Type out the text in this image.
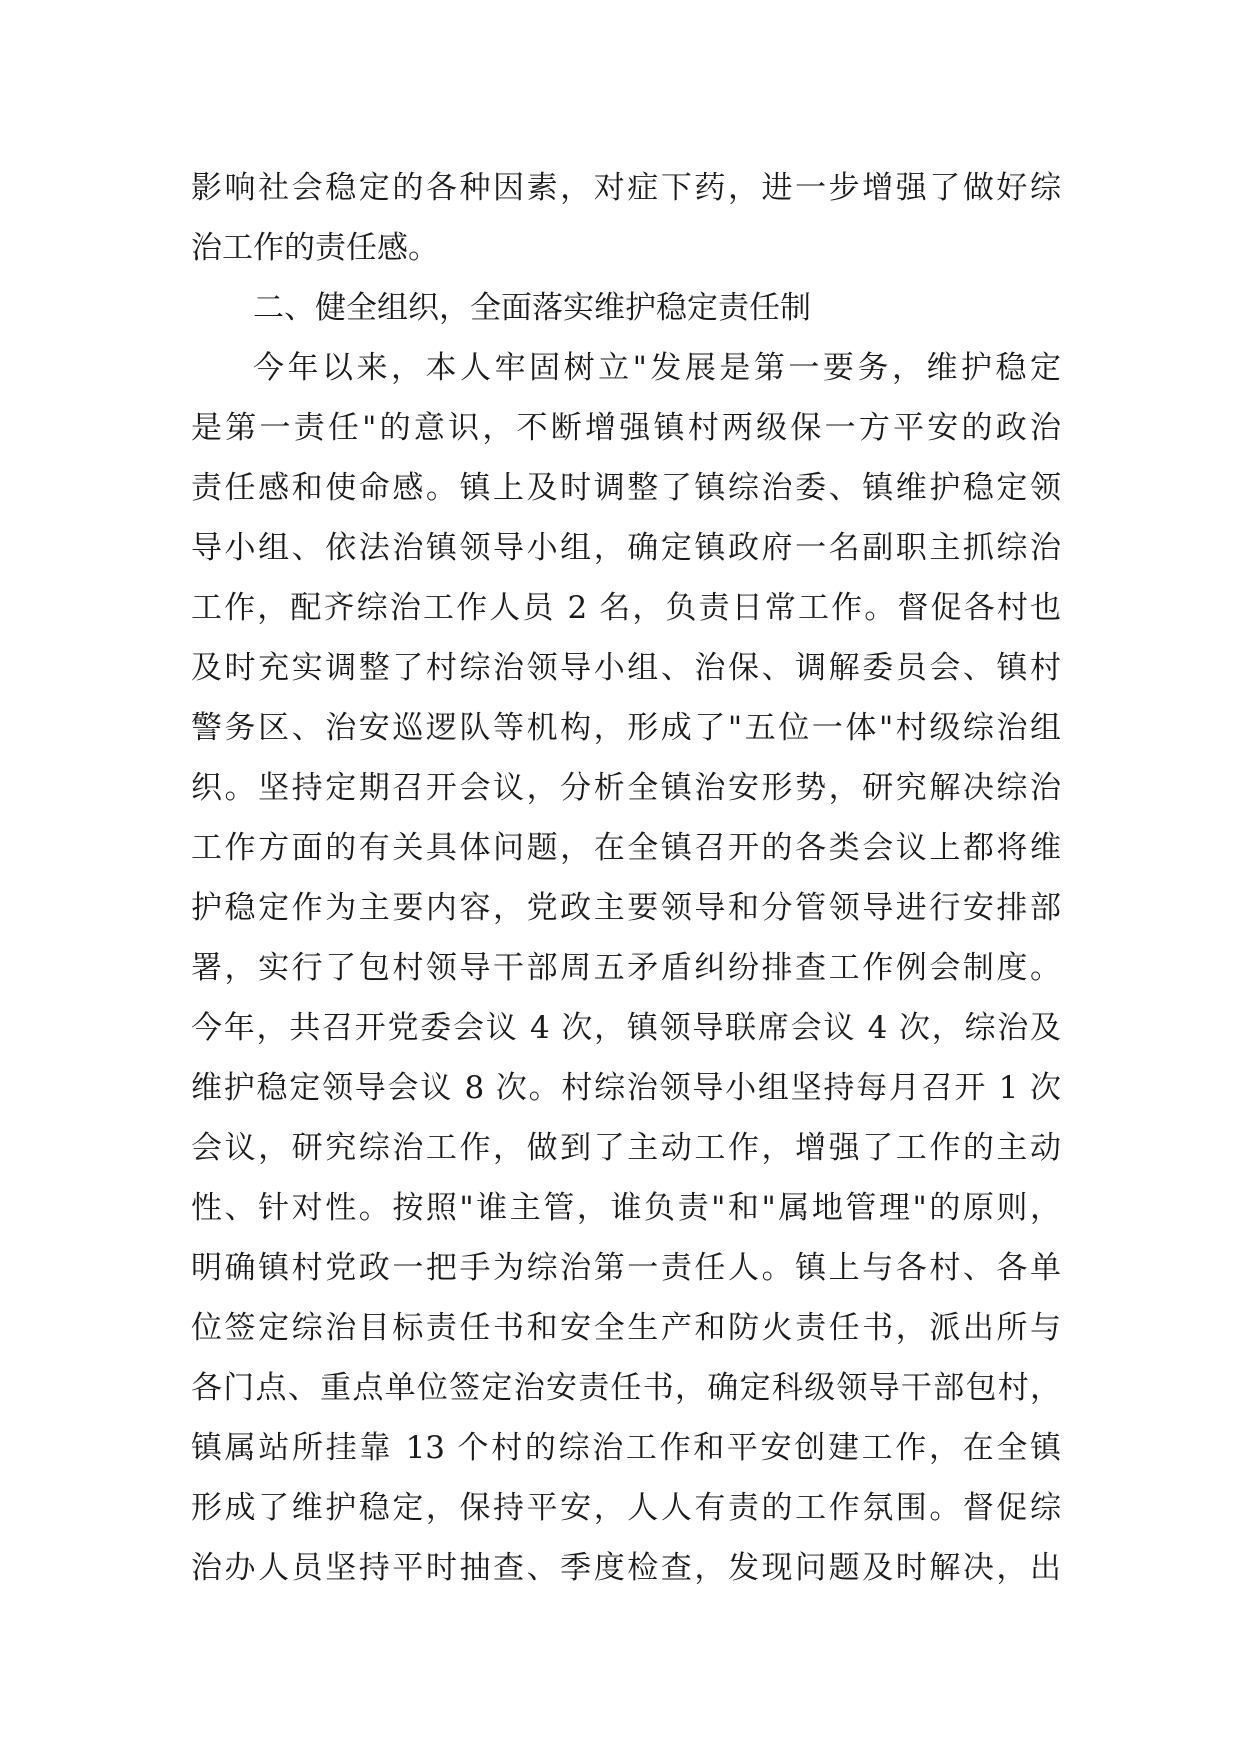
影响社会稳定的各种因素，对症下药，进一步增强了做好综
治工作的责任感。

二、健全组织，全面落实维护稳定责任制

今年以来，本人牢固树立"发展是第一要务，维护稳定
是第一责任"的意识，不断增强镇村两级保一方平安的政治
责任感和使命感。镇上及时调整了镇综治委、镇维护稳定领
导小组、依法治镇领导小组，确定镇政府一名副职主抓综治
工作，配齐综治工作人员 2 名，负责日常工作。督促各村也
及时充实调整了村综治领导小组、治保、调解委员会、镇村
警务区、治安巡逻队等机构，形成了"五位一体"村级综治组
织。坚持定期召开会议，分析全镇治安形势，研究解决综治
工作方面的有关具体问题，在全镇召开的各类会议上都将维
护稳定作为主要内容，党政主要领导和分管领导进行安排部
署，实行了包村领导干部周五矛盾纠纷排查工作例会制度。
今年，共召开党委会议 4 次，镇领导联席会议 4 次，综治及
维护稳定领导会议 8 次。村综治领导小组坚持每月召开 1 次
会议，研究综治工作，做到了主动工作，增强了工作的主动
性、针对性。按照"谁主管，谁负责"和"属地管理"的原则，
明确镇村党政一把手为综治第一责任人。镇上与各村、各单
位签定综治目标责任书和安全生产和防火责任书，派出所与
各门点、重点单位签定治安责任书，确定科级领导干部包村，
镇属站所挂靠 13 个村的综治工作和平安创建工作，在全镇
形成了维护稳定，保持平安，人人有责的工作氛围。督促综
治办人员坚持平时抽查、季度检查，发现问题及时解决，出
